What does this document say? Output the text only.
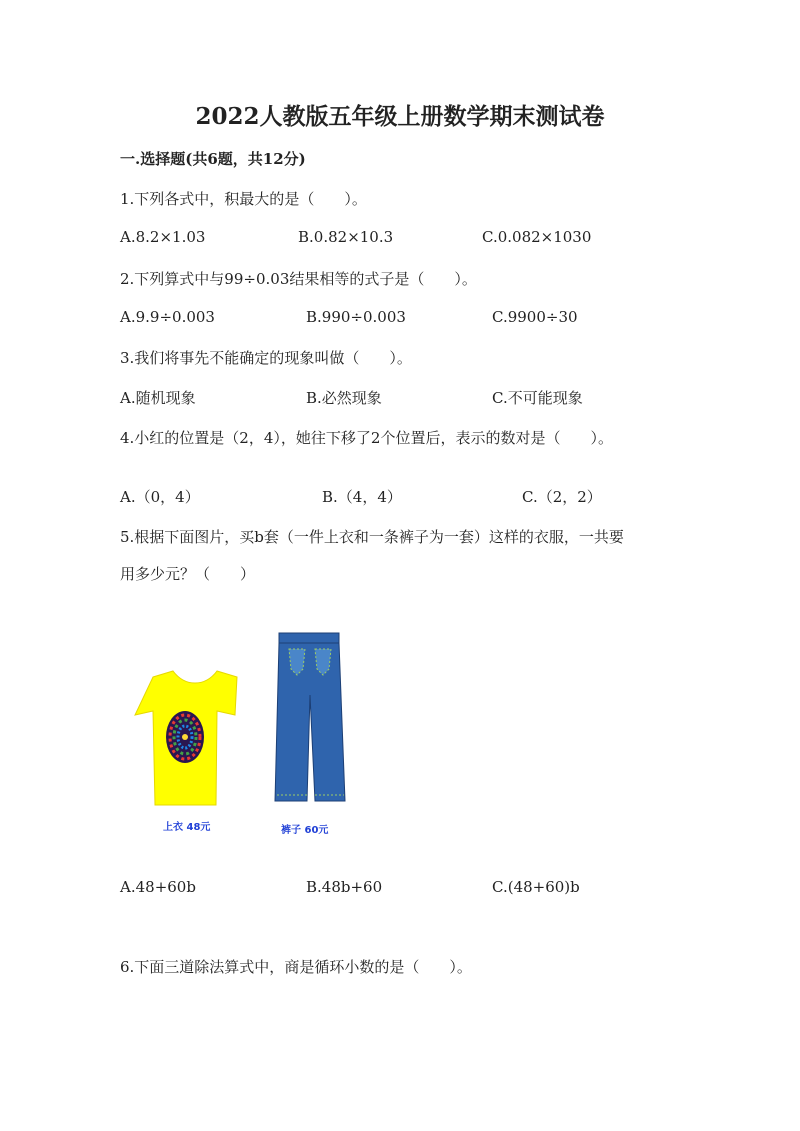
2022人教版五年级上册数学期末测试卷
一.选择题(共6题，共12分)
1.下列各式中，积最大的是（　　）。
A.8.2×1.03	B.0.82×10.3	C.0.082×1030
2.下列算式中与99÷0.03结果相等的式子是（　　）。
A.9.9÷0.003	B.990÷0.003	C.9900÷30
3.我们将事先不能确定的现象叫做（　　）。
A.随机现象	B.必然现象	C.不可能现象
4.小红的位置是（2，4），她往下移了2个位置后，表示的数对是（　　）。
A.（0，4）	B.（4，4）	C.（2，2）
5.根据下面图片，买b套（一件上衣和一条裤子为一套）这样的衣服，一共要
用多少元？（　　）
上衣 48元	裤子 60元
A.48+60b	B.48b+60	C.(48+60)b
6.下面三道除法算式中，商是循环小数的是（　　）。
